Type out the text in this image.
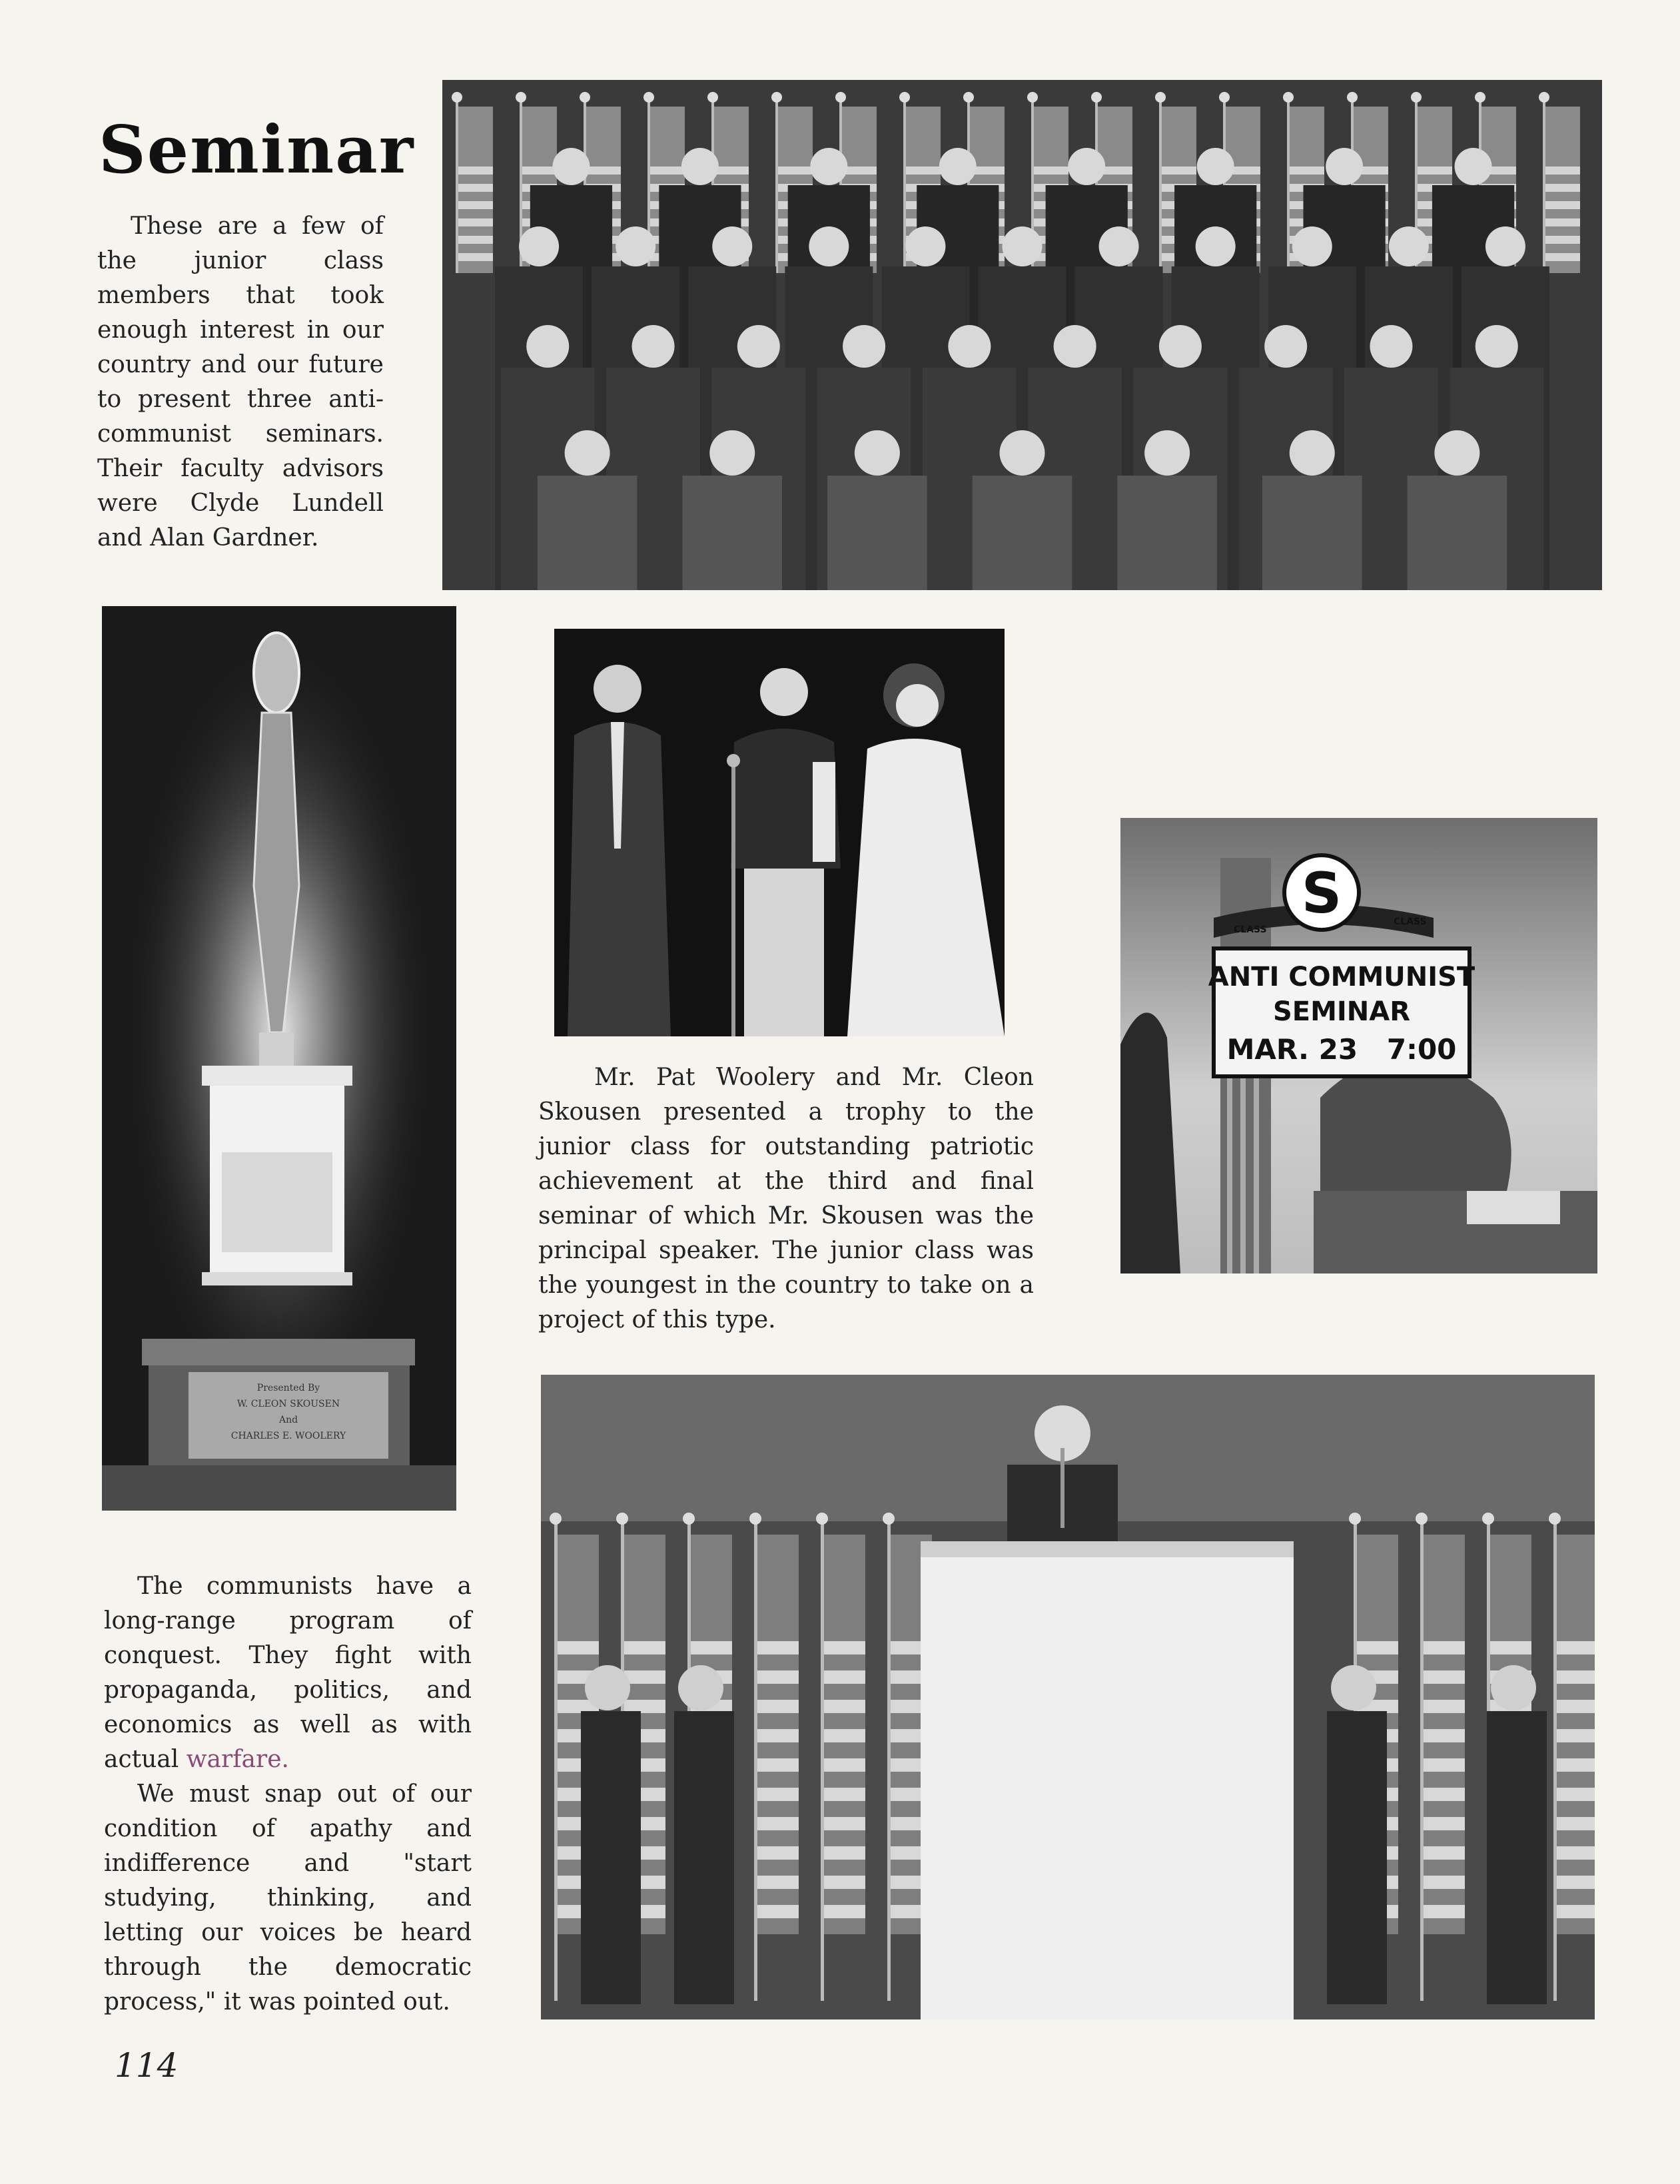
Seminar
These are a few of the junior class members that took enough interest in our country and our future to present three anti-communist seminars. Their faculty advisors were Clyde Lundell and Alan Gardner.
Presented By
W. CLEON SKOUSEN
And
CHARLES E. WOOLERY
Mr. Pat Woolery and Mr. Cleon Skousen presented a trophy to the junior class for outstanding patriotic achievement at the third and final seminar of which Mr. Skousen was the principal speaker. The junior class was the youngest in the country to take on a project of this type.
CLASS
CLASS
S
ANTI COMMUNIST
SEMINAR
MAR. 23   7:00
The communists have a long-range program of conquest. They fight with propaganda, politics, and economics as well as with actual warfare.
We must snap out of our condition of apathy and indifference and "start studying, thinking, and letting our voices be heard through the democratic process," it was pointed out.
114
